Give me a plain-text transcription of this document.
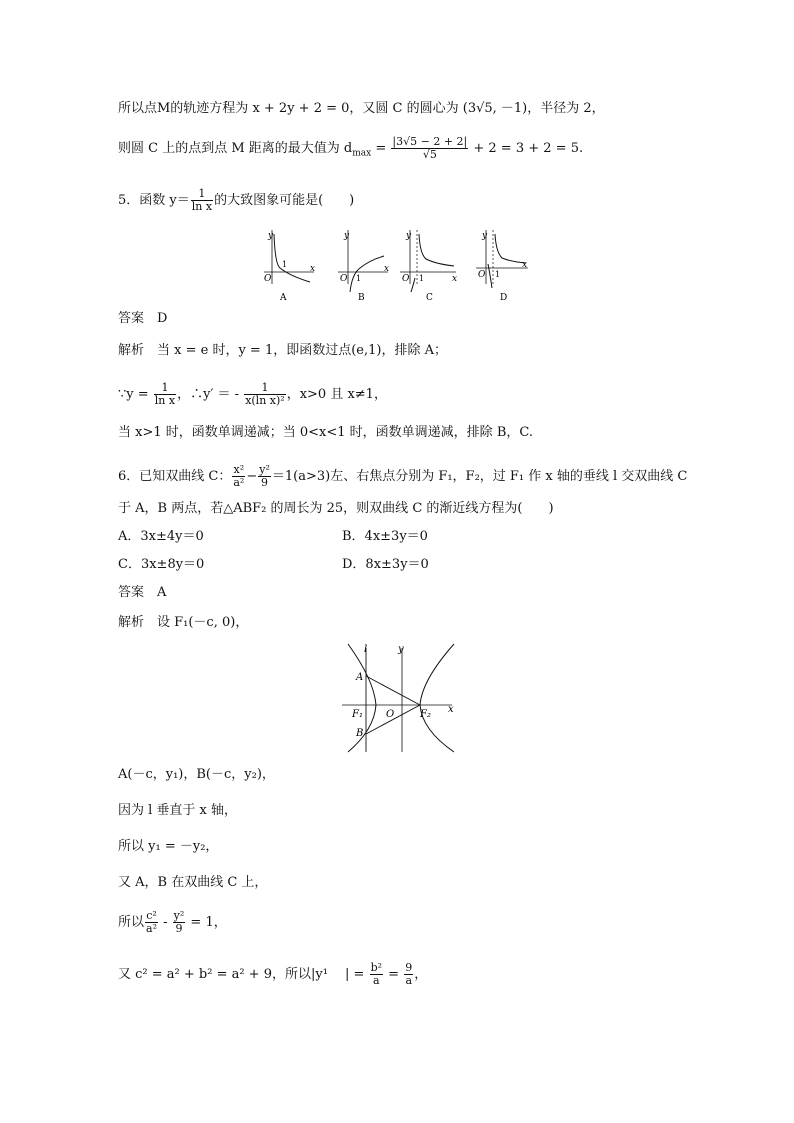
所以点M的轨迹方程为 x + 2y + 2 = 0，又圆 C 的圆心为 (3√5, －1)，半径为 2，
则圆 C 上的点到点 M 距离的最大值为 $d_{max} = \frac{|3√5 - 2 + 2|}{√5} + 2 = 3 + 2 = 5$.
5．函数 $y= \frac{1}{\text{ln x}}$ 的大致图象可能是(　　)
y
x
O
1
A
y
x
O 1
B
y
x
O 1
C
y
x
O 1
D
答案　D
解析　当 x = e 时，y = 1，即函数过点(e,1)，排除 A；
∵y = $\frac{1}{\text{ln x}}$ ，∴y′ ＝ - $\frac{1}{\text{x(ln x)²}}$ ，x>0 且 x≠1，
当 x>1 时，函数单调递减；当 0<x<1 时，函数单调递减，排除 B，C.
6．已知双曲线 C： $\frac{\text{x²}}{\text{a²}} - \frac{\text{y²}}{9} =1(a>3)$左、右焦点分别为 F₁，F₂，过 F₁ 作 x 轴的垂线 l 交双曲线 C
于 A，B 两点，若△ABF₂ 的周长为 25，则双曲线 C 的渐近线方程为(　　)
A．3x±4y＝0	B．4x±3y＝0
C．3x±8y＝0	D．8x±3y＝0
答案　A
解析　设 F₁(－c, 0)，
l	y
x
A
B
F₁ O	F₂
A(－c，y₁)，B(－c，y₂)，
因为 l 垂直于 x 轴，
所以 y₁ = －y₂，
又 A，B 在双曲线 C 上，
所以 $\frac{\text{c²}}{\text{a²}} - \frac{\text{y²}}{9} = 1$，
又 c² = a² + b² = a² + 9，所以|y¹　 | = $\frac{\text{b²}}{a} = \frac{9}{a}$ ，
